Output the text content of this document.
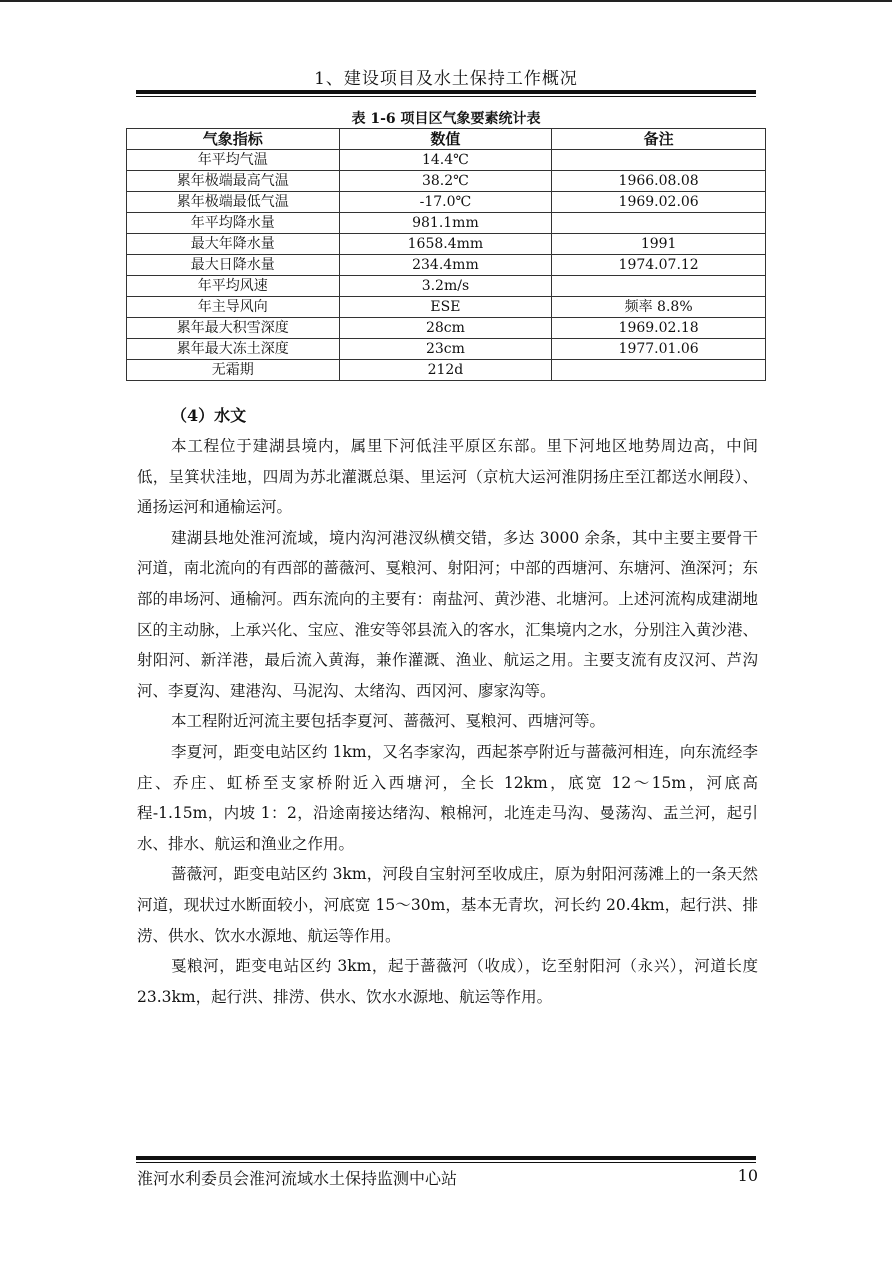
1、建设项目及水土保持工作概况
表 1-6 项目区气象要素统计表
气象指标	数值	备注
年平均气温	14.4℃	
累年极端最高气温	38.2℃	1966.08.08
累年极端最低气温	-17.0℃	1969.02.06
年平均降水量	981.1mm	
最大年降水量	1658.4mm	1991
最大日降水量	234.4mm	1974.07.12
年平均风速	3.2m/s	
年主导风向	ESE	频率 8.8%
累年最大积雪深度	28cm	1969.02.18
累年最大冻土深度	23cm	1977.01.06
无霜期	212d	
（4）水文

本工程位于建湖县境内，属里下河低洼平原区东部。里下河地区地势周边高，中间低，呈箕状洼地，四周为苏北灌溉总渠、里运河（京杭大运河淮阴扬庄至江都送水闸段）、通扬运河和通榆运河。

建湖县地处淮河流域，境内沟河港汊纵横交错，多达 3000 余条，其中主要主要骨干河道，南北流向的有西部的蔷薇河、戛粮河、射阳河；中部的西塘河、东塘河、渔深河；东部的串场河、通榆河。西东流向的主要有：南盐河、黄沙港、北塘河。上述河流构成建湖地区的主动脉，上承兴化、宝应、淮安等邻县流入的客水，汇集境内之水，分别注入黄沙港、射阳河、新洋港，最后流入黄海，兼作灌溉、渔业、航运之用。主要支流有皮汉河、芦沟河、李夏沟、建港沟、马泥沟、太绪沟、西冈河、廖家沟等。

本工程附近河流主要包括李夏河、蔷薇河、戛粮河、西塘河等。

李夏河，距变电站区约 1km，又名李家沟，西起茶亭附近与蔷薇河相连，向东流经李庄、乔庄、虹桥至支家桥附近入西塘河，全长 12km，底宽 12～15m，河底高程-1.15m，内坡 1：2，沿途南接达绪沟、粮棉河，北连走马沟、曼荡沟、盂兰河，起引水、排水、航运和渔业之作用。

蔷薇河，距变电站区约 3km，河段自宝射河至收成庄，原为射阳河荡滩上的一条天然河道，现状过水断面较小，河底宽 15～30m，基本无青坎，河长约 20.4km，起行洪、排涝、供水、饮水水源地、航运等作用。

戛粮河，距变电站区约 3km，起于蔷薇河（收成），讫至射阳河（永兴），河道长度 23.3km，起行洪、排涝、供水、饮水水源地、航运等作用。

淮河水利委员会淮河流域水土保持监测中心站	10
